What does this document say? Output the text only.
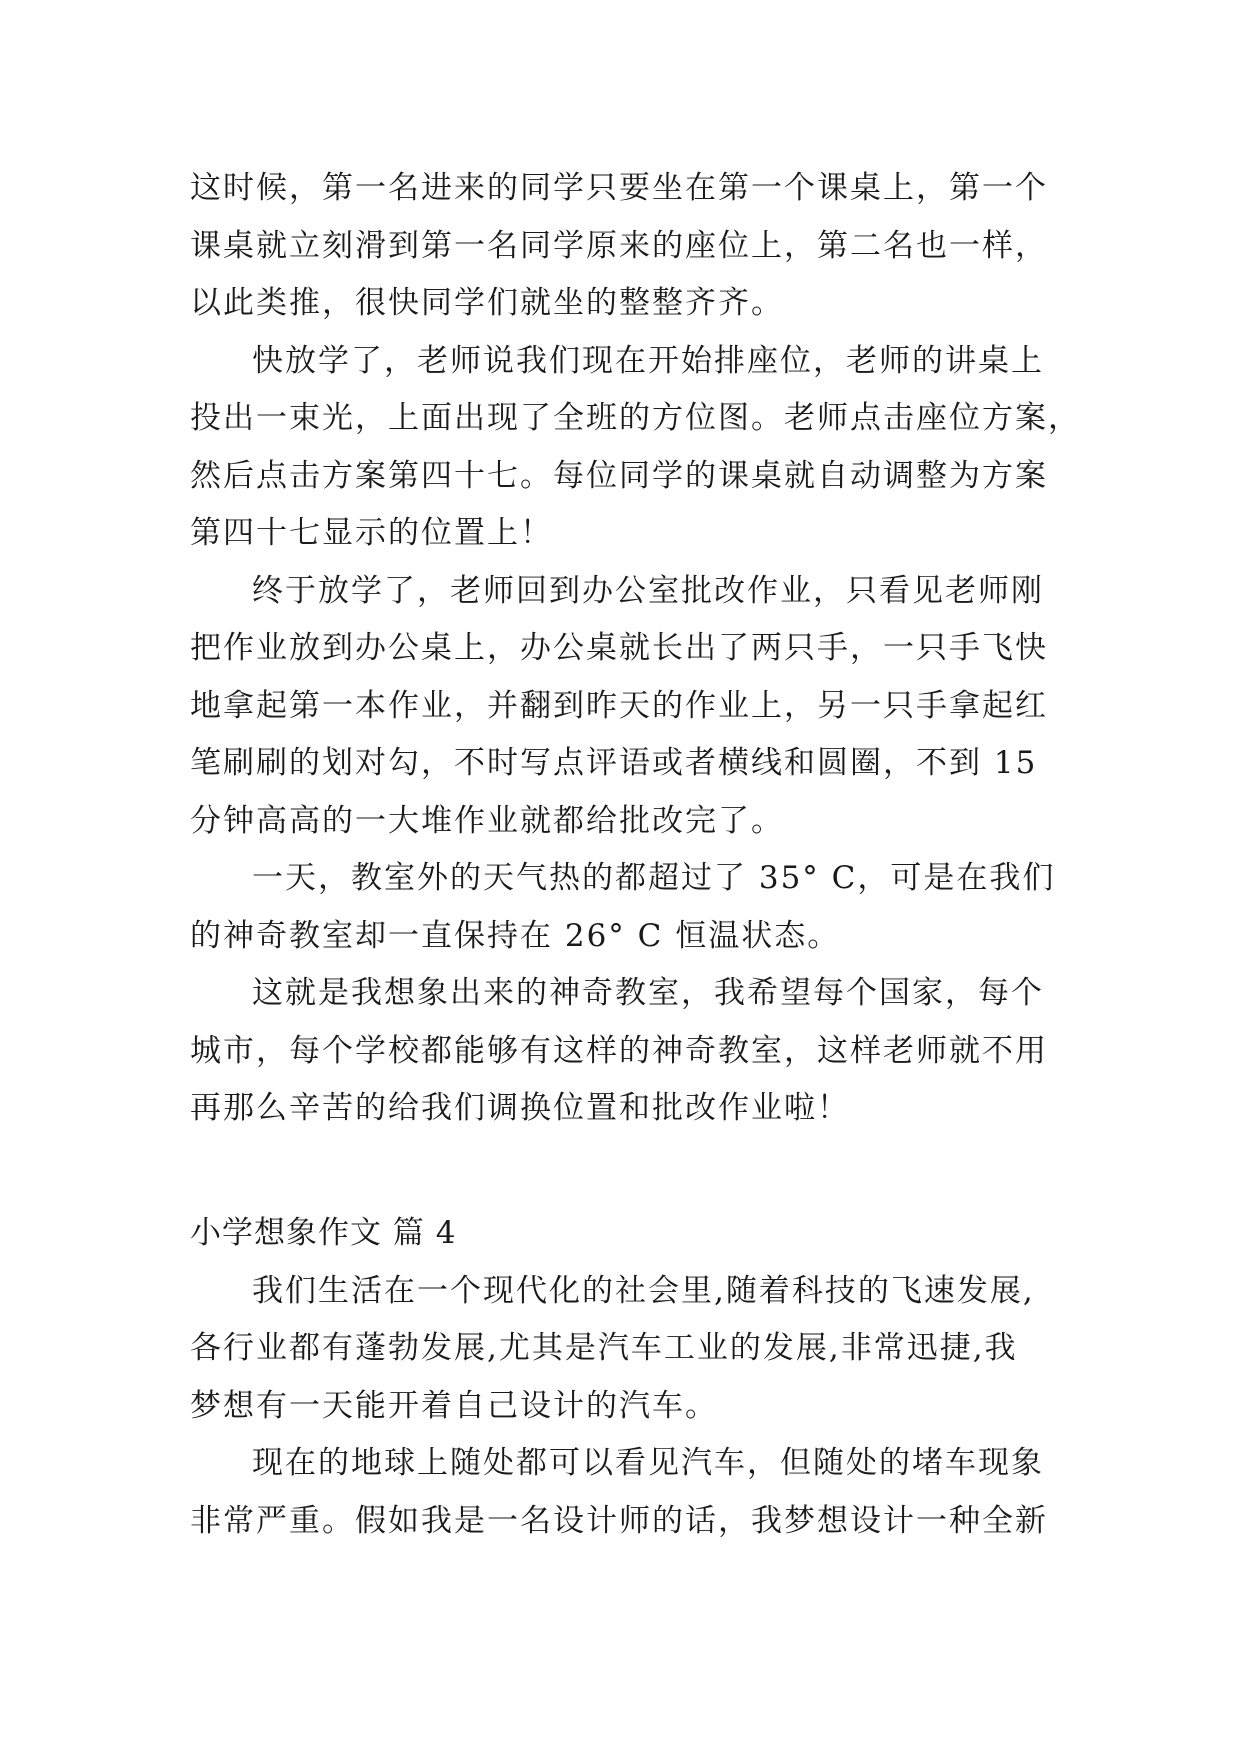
这时候，第一名进来的同学只要坐在第一个课桌上，第一个
课桌就立刻滑到第一名同学原来的座位上，第二名也一样，
以此类推，很快同学们就坐的整整齐齐。
快放学了，老师说我们现在开始排座位，老师的讲桌上
投出一束光，上面出现了全班的方位图。老师点击座位方案，
然后点击方案第四十七。每位同学的课桌就自动调整为方案
第四十七显示的位置上！
终于放学了，老师回到办公室批改作业，只看见老师刚
把作业放到办公桌上，办公桌就长出了两只手，一只手飞快
地拿起第一本作业，并翻到昨天的作业上，另一只手拿起红
笔刷刷的划对勾，不时写点评语或者横线和圆圈，不到 15
分钟高高的一大堆作业就都给批改完了。
一天，教室外的天气热的都超过了 35° C，可是在我们
的神奇教室却一直保持在 26° C 恒温状态。
这就是我想象出来的神奇教室，我希望每个国家，每个
城市，每个学校都能够有这样的神奇教室，这样老师就不用
再那么辛苦的给我们调换位置和批改作业啦！
小学想象作文 篇 4
我们生活在一个现代化的社会里,随着科技的飞速发展,
各行业都有蓬勃发展,尤其是汽车工业的发展,非常迅捷,我
梦想有一天能开着自己设计的汽车。
现在的地球上随处都可以看见汽车，但随处的堵车现象
非常严重。假如我是一名设计师的话，我梦想设计一种全新
